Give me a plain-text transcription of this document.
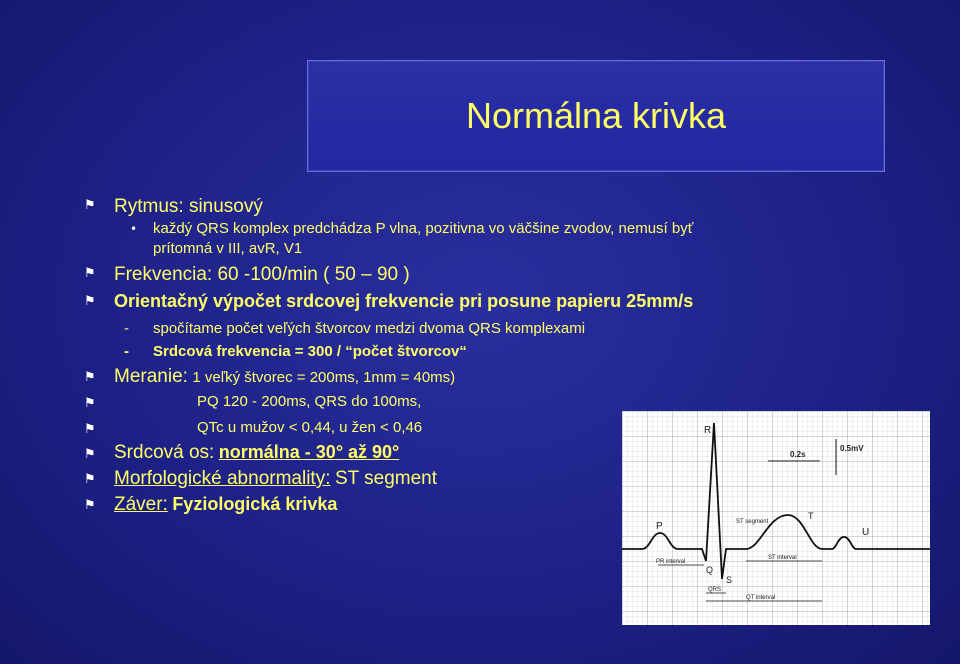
Normálna krivka
⚑ Rytmus: sinusový
• každý QRS komplex predchádza P vlna, pozitivna vo väčšine zvodov, nemusí byť
prítomná v III, avR, V1
⚑ Frekvencia: 60 -100/min ( 50 – 90 )
⚑ Orientačný výpočet srdcovej frekvencie pri posune papieru 25mm/s
- spočítame počet veľých štvorcov medzi dvoma QRS komplexami
- Srdcová frekvencia = 300 / “počet štvorcov“
⚑ Meranie: 1 veľký štvorec = 200ms, 1mm = 40ms)
⚑	PQ 120 - 200ms, QRS do 100ms,
⚑	QTc u mužov < 0,44, u žen < 0,46
⚑ Srdcová os: normálna - 30° až 90°
⚑ Morfologické abnormality: ST segment
⚑ Záver: Fyziologická krivka
R
P
Q
S
T
U
0.2s
0.5mV
ST segment
PR interval
ST interval
QRS
QT interval
